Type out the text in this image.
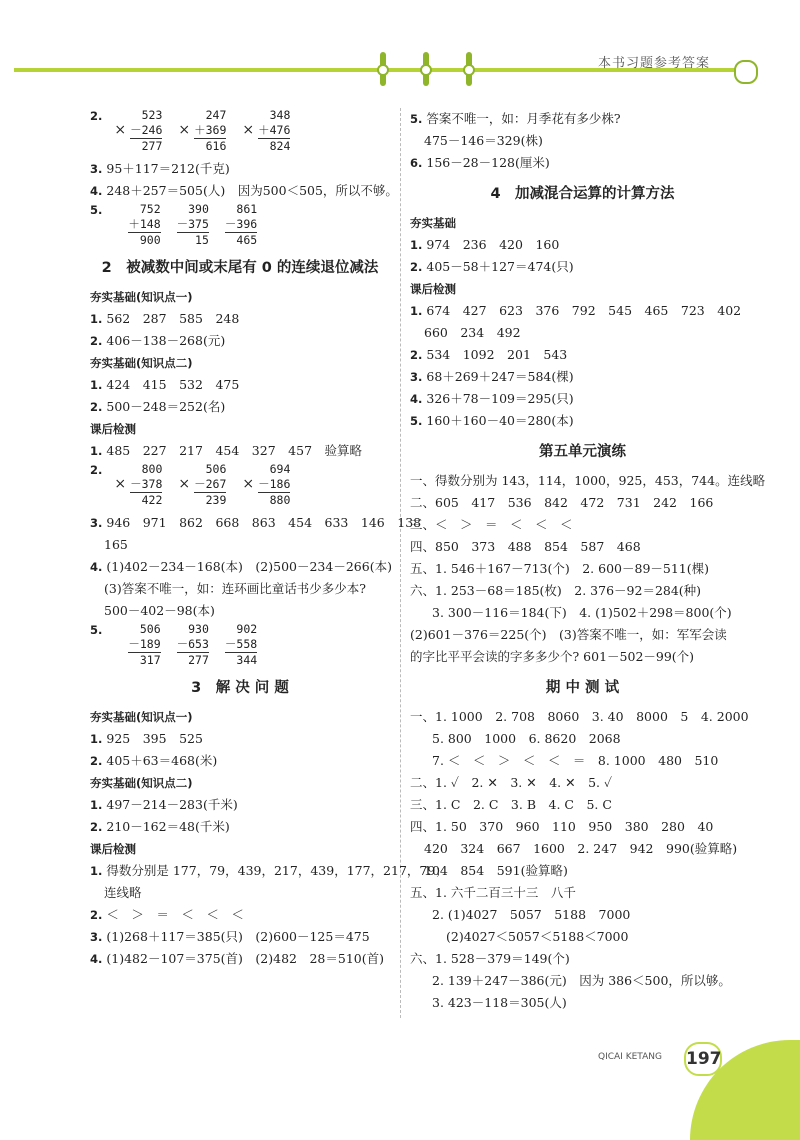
本书习题参考答案
2. ×
523
－246
277
×
247
＋369
616
×
348
＋476
824
3. 95＋117＝212(千克)
4. 248＋257＝505(人)　因为500＜505，所以不够。
5.	752
＋148
900

390
－375
15

861
－396
465
2　被减数中间或末尾有 0 的连续退位减法
夯实基础(知识点一)
1. 562　287　585　248
2. 406－138－268(元)
夯实基础(知识点二)
1. 424　415　532　475
2. 500－248＝252(名)
课后检测
1. 485　227　217　454　327　457　验算略
2. ×
800
－378
422
×
506
－267
239
×
694
－186
880
3. 946　971　862　668　863　454　633　146　138
165
4. (1)402－234－168(本)　(2)500－234－266(本)
(3)答案不唯一，如：连环画比童话书少多少本?
500－402－98(本)
5.	506
－189
317

930
－653
277

902
－558
344
3　解 决 问 题
夯实基础(知识点一)
1. 925　395　525
2. 405＋63＝468(米)
夯实基础(知识点二)
1. 497－214－283(千米)
2. 210－162＝48(千米)
课后检测
1. 得数分别是 177，79，439，217，439，177，217，79；
连线略
2. ＜　＞　＝　＜　＜　＜
3. (1)268＋117＝385(只)　(2)600－125＝475
4. (1)482－107＝375(首)　(2)482　28＝510(首)
5. 答案不唯一，如：月季花有多少株?
475－146＝329(株)
6. 156－28－128(厘米)
4　加减混合运算的计算方法
夯实基础
1. 974　236　420　160
2. 405－58＋127＝474(只)
课后检测
1. 674　427　623　376　792　545　465　723　402
660　234　492
2. 534　1092　201　543
3. 68＋269＋247＝584(棵)
4. 326＋78－109＝295(只)
5. 160＋160－40＝280(本)
第五单元演练
一、得数分别为 143，114，1000，925，453，744。连线略
二、605　417　536　842　472　731　242　166
三、＜　＞　＝　＜　＜　＜
四、850　373　488　854　587　468
五、1. 546＋167－713(个)　2. 600－89－511(棵)
六、1. 253－68＝185(枚)　2. 376－92＝284(种)
3. 300－116＝184(下)　4. (1)502＋298＝800(个)
(2)601－376＝225(个)　(3)答案不唯一，如：军军会读
的字比平平会读的字多多少个? 601－502－99(个)
期 中 测 试
一、1. 1000　2. 708　8060　3. 40　8000　5　4. 2000
5. 800　1000　6. 8620　2068
7. ＜　＜　＞　＜　＜　＝　8. 1000　480　510
二、1. ✓　2. ✕　3. ✕　4. ✕　5. ✓
三、1. C　2. C　3. B　4. C　5. C
四、1. 50　370　960　110　950　380　280　40
420　324　667　1600　2. 247　942　990(验算略)
104　854　591(验算略)
五、1. 六千二百三十三　八千
2. (1)4027　5057　5188　7000
(2)4027＜5057＜5188＜7000
六、1. 528－379＝149(个)
2. 139＋247－386(元)　因为 386＜500，所以够。
3. 423－118＝305(人)
QICAI KETANG 197
